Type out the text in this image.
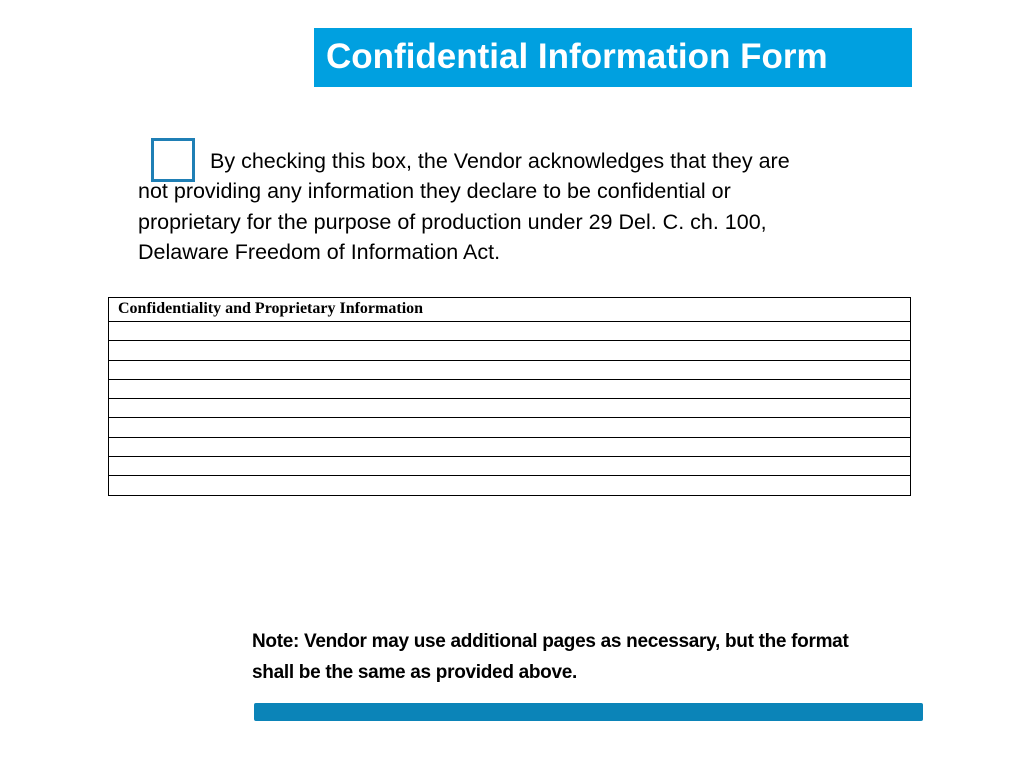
Confidential Information Form
By checking this box, the Vendor acknowledges that they are
not providing any information they declare to be confidential or
proprietary for the purpose of production under 29 Del. C. ch. 100,
Delaware Freedom of Information Act.
Confidentiality and Proprietary Information
Note: Vendor may use additional pages as necessary, but the format
shall be the same as provided above.
